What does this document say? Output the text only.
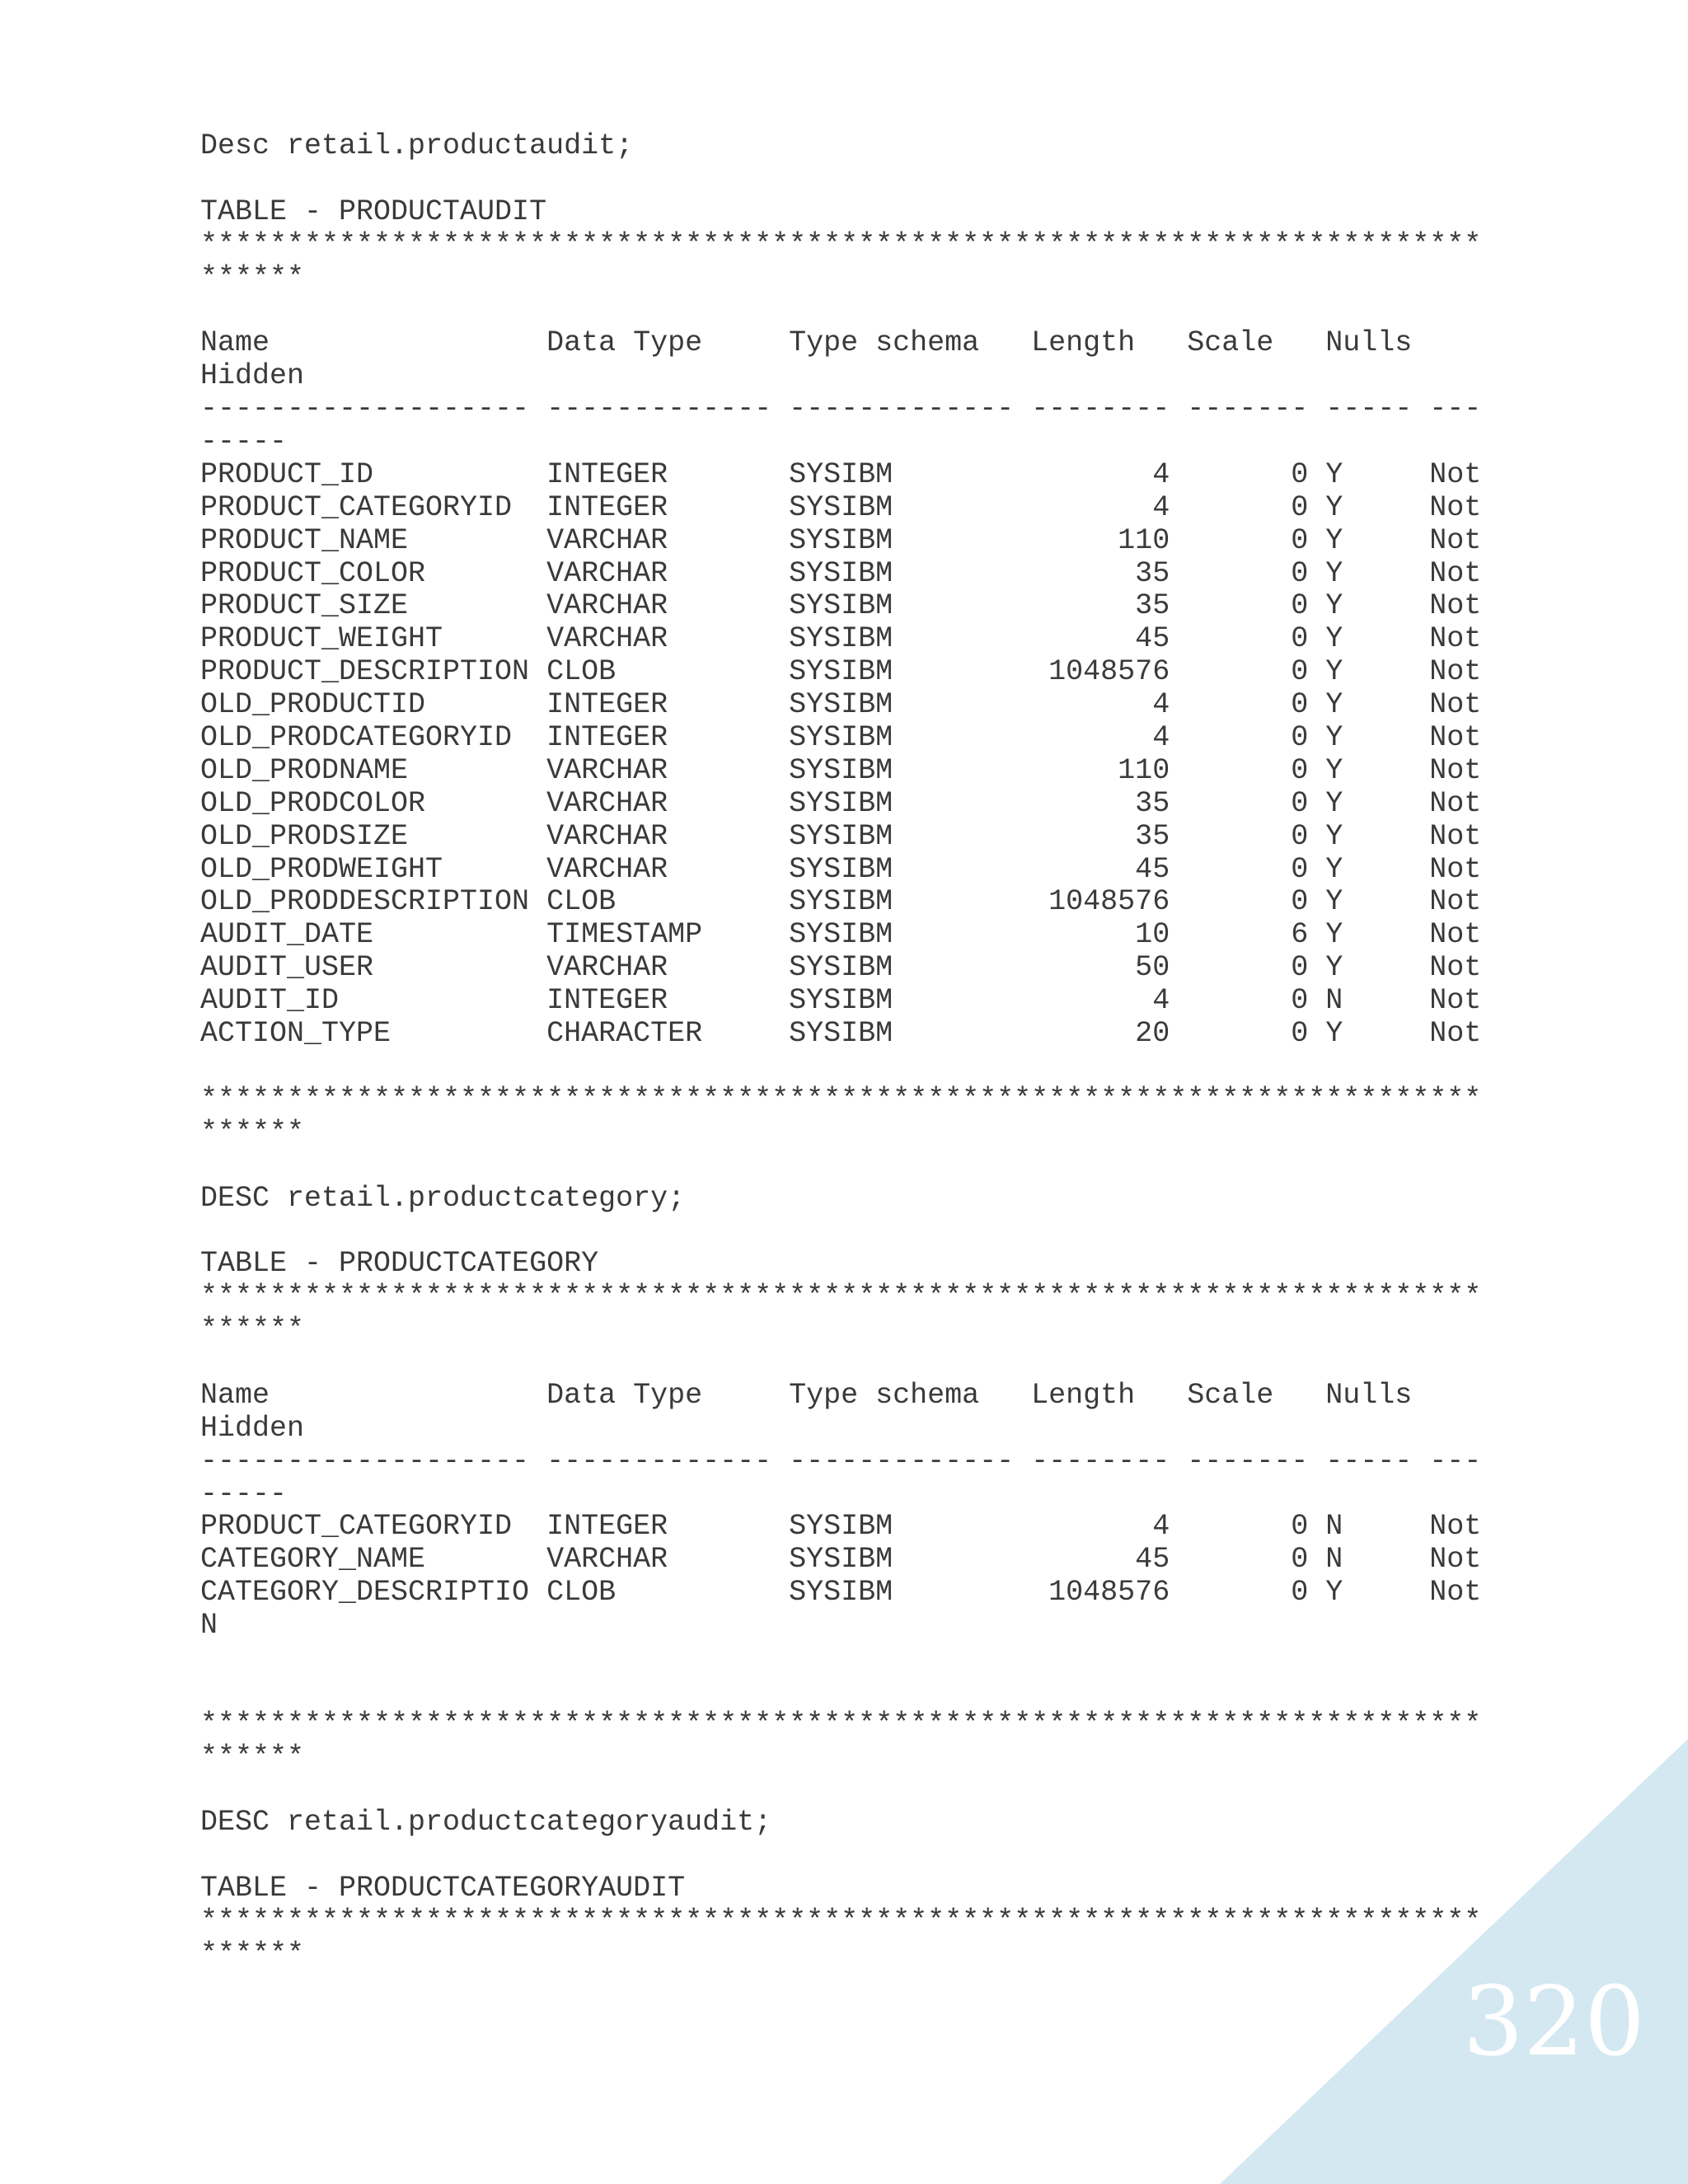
Desc retail.productaudit;
TABLE - PRODUCTAUDIT
**************************************************************************
******
Name                Data Type     Type schema   Length   Scale   Nulls
Hidden
------------------- ------------- ------------- -------- ------- ----- ---
-----
PRODUCT_ID          INTEGER       SYSIBM               4       0 Y     Not
PRODUCT_CATEGORYID  INTEGER       SYSIBM               4       0 Y     Not
PRODUCT_NAME        VARCHAR       SYSIBM             110       0 Y     Not
PRODUCT_COLOR       VARCHAR       SYSIBM              35       0 Y     Not
PRODUCT_SIZE        VARCHAR       SYSIBM              35       0 Y     Not
PRODUCT_WEIGHT      VARCHAR       SYSIBM              45       0 Y     Not
PRODUCT_DESCRIPTION CLOB          SYSIBM         1048576       0 Y     Not
OLD_PRODUCTID       INTEGER       SYSIBM               4       0 Y     Not
OLD_PRODCATEGORYID  INTEGER       SYSIBM               4       0 Y     Not
OLD_PRODNAME        VARCHAR       SYSIBM             110       0 Y     Not
OLD_PRODCOLOR       VARCHAR       SYSIBM              35       0 Y     Not
OLD_PRODSIZE        VARCHAR       SYSIBM              35       0 Y     Not
OLD_PRODWEIGHT      VARCHAR       SYSIBM              45       0 Y     Not
OLD_PRODDESCRIPTION CLOB          SYSIBM         1048576       0 Y     Not
AUDIT_DATE          TIMESTAMP     SYSIBM              10       6 Y     Not
AUDIT_USER          VARCHAR       SYSIBM              50       0 Y     Not
AUDIT_ID            INTEGER       SYSIBM               4       0 N     Not
ACTION_TYPE         CHARACTER     SYSIBM              20       0 Y     Not
**************************************************************************
******
DESC retail.productcategory;
TABLE - PRODUCTCATEGORY
**************************************************************************
******
Name                Data Type     Type schema   Length   Scale   Nulls
Hidden
------------------- ------------- ------------- -------- ------- ----- ---
-----
PRODUCT_CATEGORYID  INTEGER       SYSIBM               4       0 N     Not
CATEGORY_NAME       VARCHAR       SYSIBM              45       0 N     Not
CATEGORY_DESCRIPTIO CLOB          SYSIBM         1048576       0 Y     Not
N
**************************************************************************
******
DESC retail.productcategoryaudit;
TABLE - PRODUCTCATEGORYAUDIT
**************************************************************************
******
320
